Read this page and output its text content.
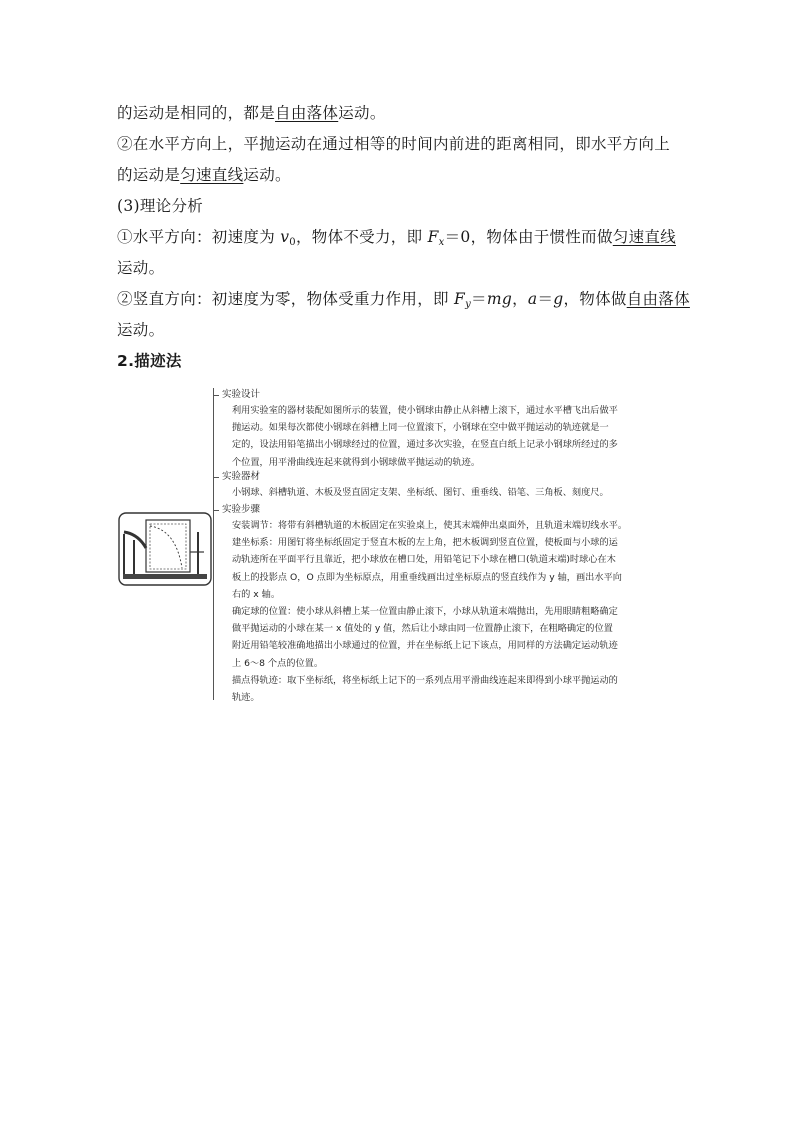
的运动是相同的，都是自由落体运动。
②在水平方向上，平抛运动在通过相等的时间内前进的距离相同，即水平方向上
的运动是匀速直线运动。
(3)理论分析
①水平方向：初速度为 $v_0$，物体不受力，即 $F_x=0$，物体由于惯性而做匀速直线
运动。
②竖直方向：初速度为零，物体受重力作用，即 $F_y=mg$，a＝g，物体做自由落体
运动。
2.描迹法
实验设计
利用实验室的器材装配如图所示的装置，使小钢球由静止从斜槽上滚下，通过水平槽飞出后做平
抛运动。如果每次都使小钢球在斜槽上同一位置滚下，小钢球在空中做平抛运动的轨迹就是一
定的，设法用铅笔描出小钢球经过的位置，通过多次实验，在竖直白纸上记录小钢球所经过的多
个位置，用平滑曲线连起来就得到小钢球做平抛运动的轨迹。
实验器材
小钢球、斜槽轨道、木板及竖直固定支架、坐标纸、图钉、重垂线、铅笔、三角板、刻度尺。
实验步骤
安装调节：将带有斜槽轨道的木板固定在实验桌上，使其末端伸出桌面外，且轨道末端切线水平。
建坐标系：用图钉将坐标纸固定于竖直木板的左上角，把木板调到竖直位置，使板面与小球的运
动轨迹所在平面平行且靠近，把小球放在槽口处，用铅笔记下小球在槽口(轨道末端)时球心在木
板上的投影点 O，O 点即为坐标原点，用重垂线画出过坐标原点的竖直线作为 y 轴，画出水平向
右的 x 轴。
确定球的位置：使小球从斜槽上某一位置由静止滚下，小球从轨道末端抛出，先用眼睛粗略确定
做平抛运动的小球在某一 x 值处的 y 值，然后让小球由同一位置静止滚下，在粗略确定的位置
附近用铅笔较准确地描出小球通过的位置，并在坐标纸上记下该点，用同样的方法确定运动轨迹
上 6～8 个点的位置。
描点得轨迹：取下坐标纸，将坐标纸上记下的一系列点用平滑曲线连起来即得到小球平抛运动的
轨迹。
